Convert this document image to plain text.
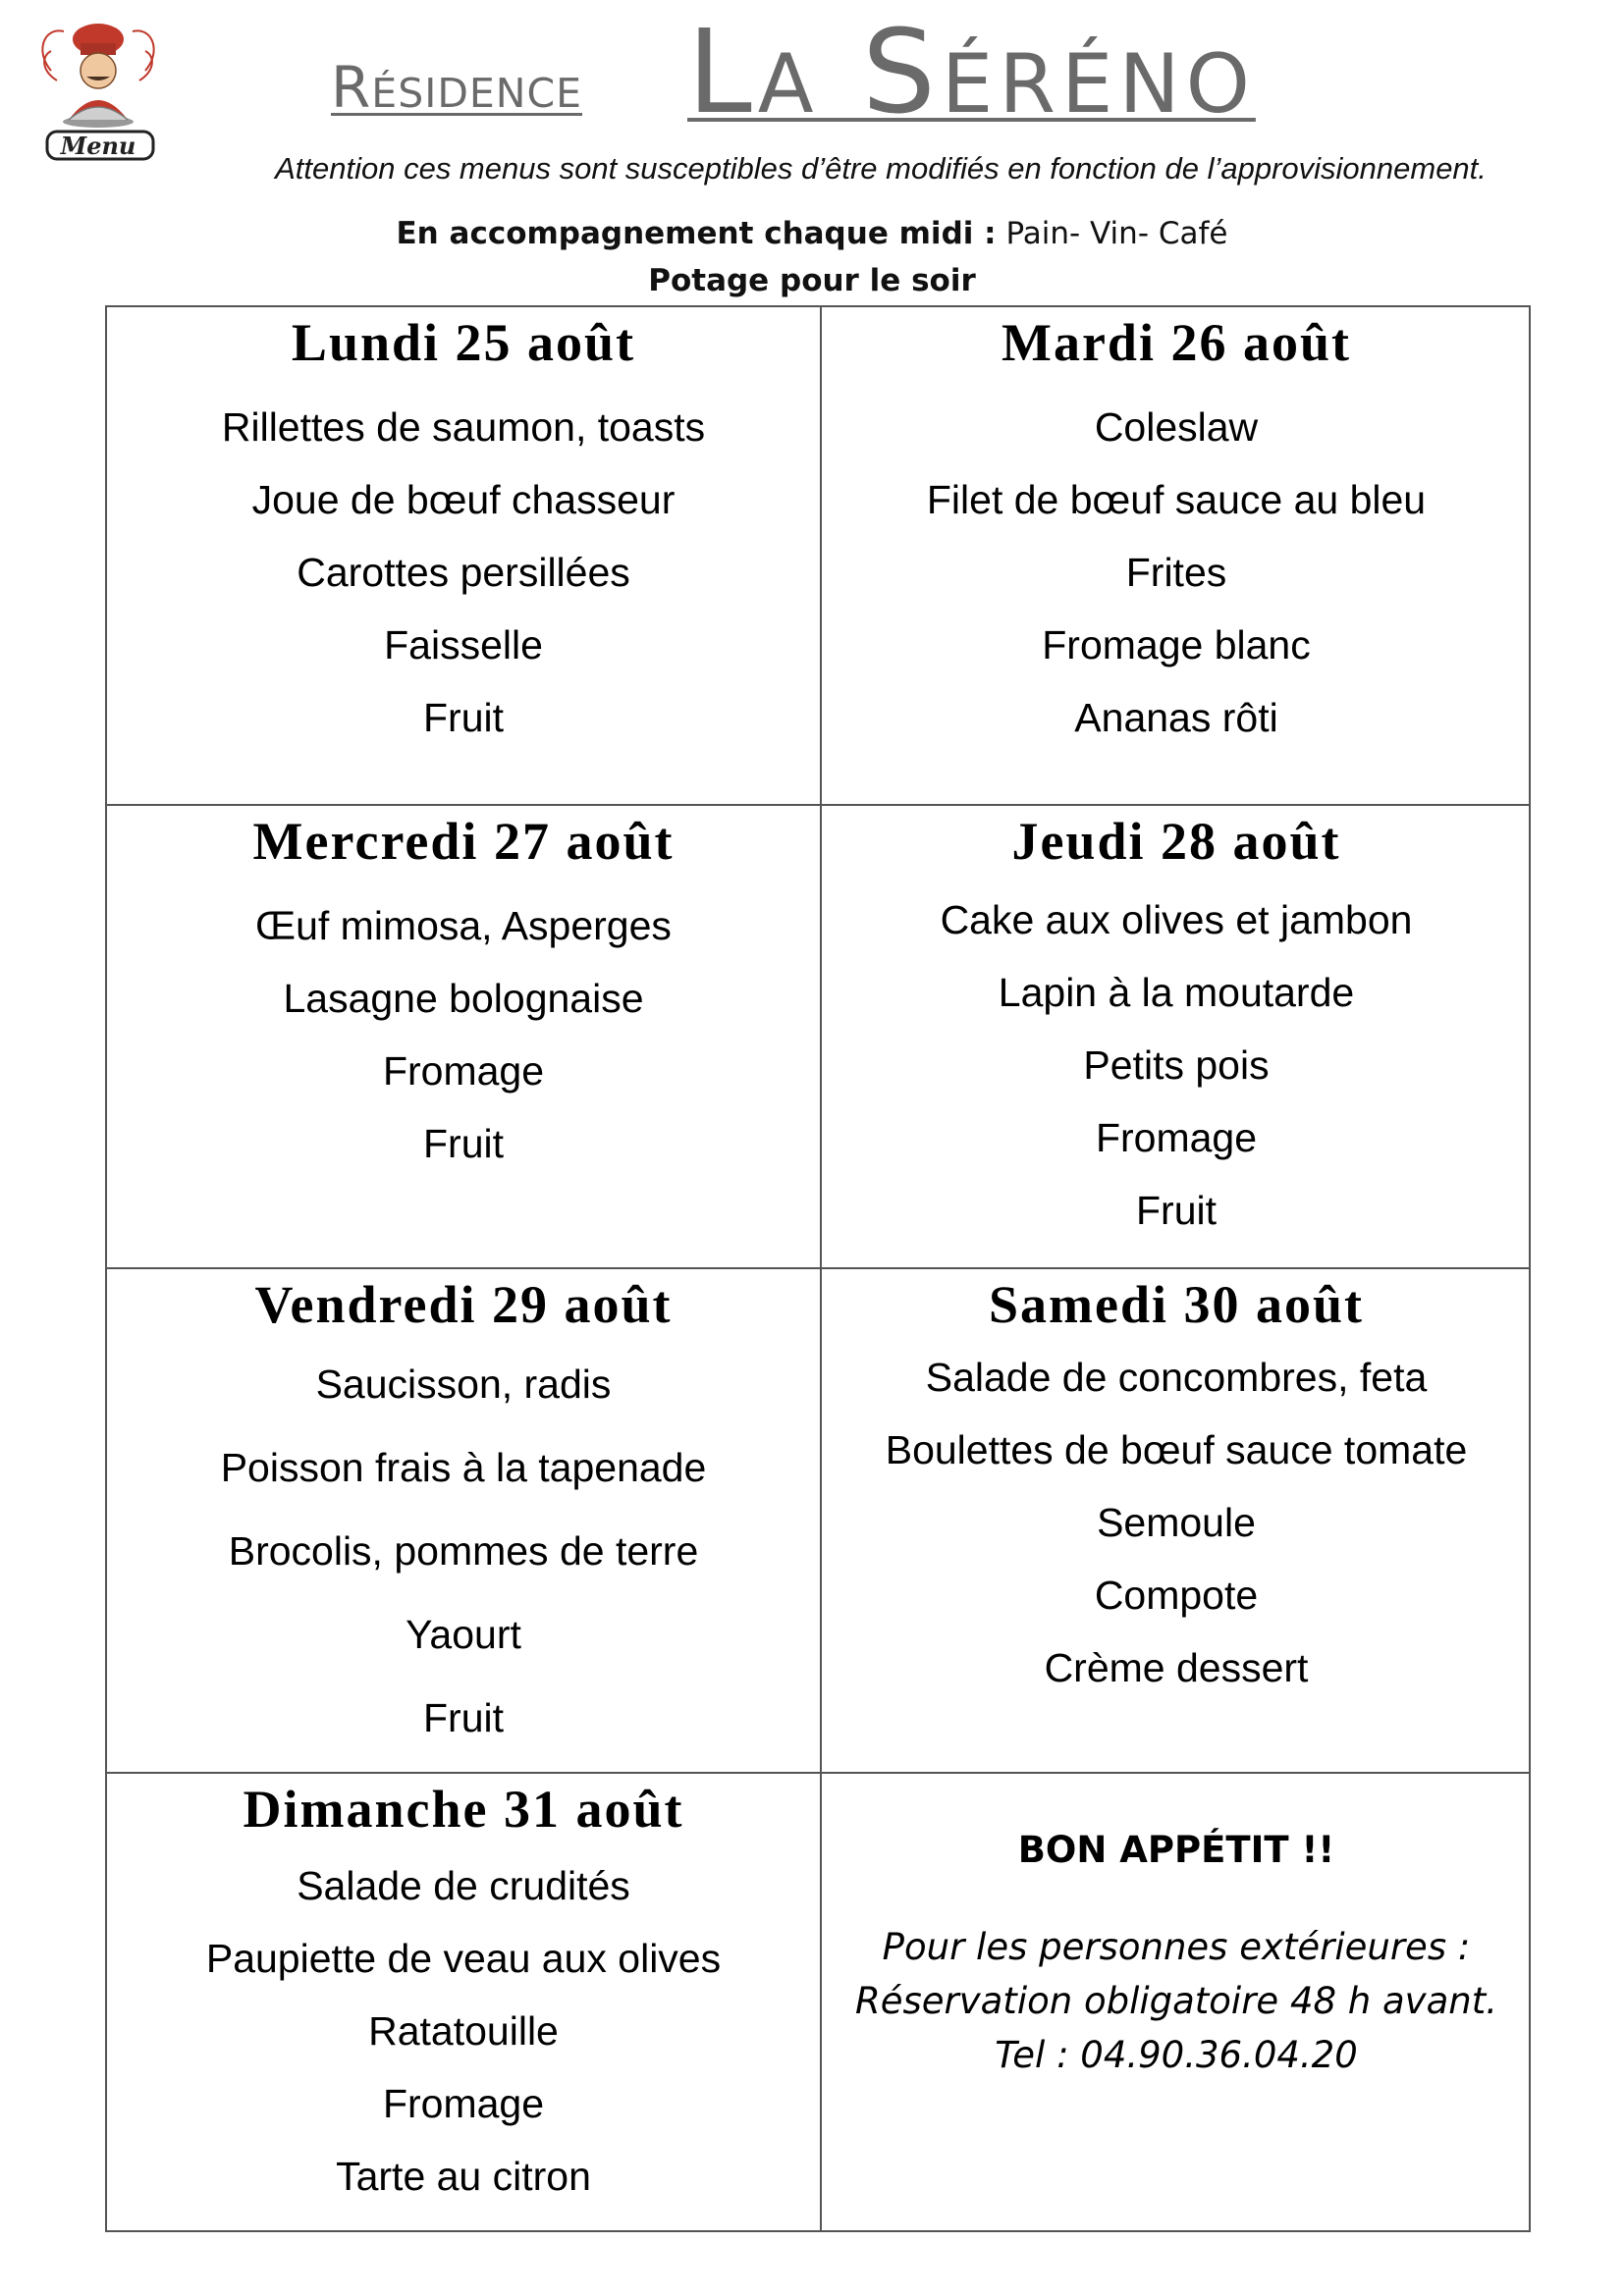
Menu
Résidence La Séréno
Attention ces menus sont susceptibles d’être modifiés en fonction de l’approvisionnement.
En accompagnement chaque midi : Pain- Vin- Café
Potage pour le soir
Lundi 25 août
Rillettes de saumon, toasts
Joue de bœuf chasseur
Carottes persillées
Faisselle
Fruit
Mardi 26 août
Coleslaw
Filet de bœuf sauce au bleu
Frites
Fromage blanc
Ananas rôti
Mercredi 27 août
Œuf mimosa, Asperges
Lasagne bolognaise
Fromage
Fruit
Jeudi 28 août
Cake aux olives et jambon
Lapin à la moutarde
Petits pois
Fromage
Fruit
Vendredi 29 août
Saucisson, radis
Poisson frais à la tapenade
Brocolis, pommes de terre
Yaourt
Fruit
Samedi 30 août
Salade de concombres, feta
Boulettes de bœuf sauce tomate
Semoule
Compote
Crème dessert
Dimanche 31 août
Salade de crudités
Paupiette de veau aux olives
Ratatouille
Fromage
Tarte au citron
BON APPÉTIT !!
Pour les personnes extérieures :
Réservation obligatoire 48 h avant.
Tel : 04.90.36.04.20
